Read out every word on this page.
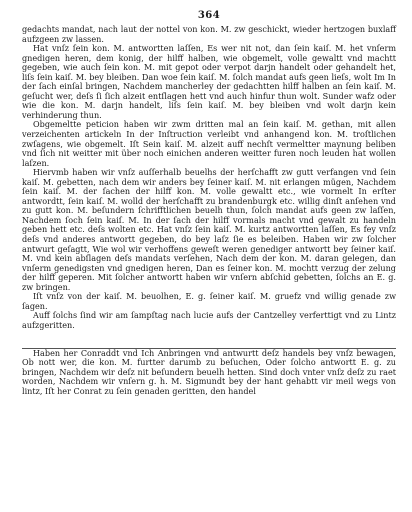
364

gedachts mandat, nach laut der nottel von kon. M. zw geschickt, wieder hertzogen buxlaff aufzgeen zw lassen.

Hat vnſz ſein kon. M. antwortten laſſen, Es wer nit not, dan ſein kaiſ. M. het vnſerm gnedigen heren, dem konig, der hilff halben, wie obgemelt, volle gewaltt vnd machtt gegeben, wie auch ſein kon. M. mit gepot oder verpot darjn handelt oder gehandelt het, liſs ſein kaiſ. M. bey bleiben. Dan woe ſein kaiſ. M. ſolch mandat aufs geen lieſs, wolt Im In der ſach einſal bringen, Nachdem mancherley der gedachtten hilff halben an ſein kaiſ. M. geſucht wer, deſs ſi ſich alzeit entſlagen hett vnd auch hinfur thun wolt. Sunder wafz oder wie die kon. M. darjn handelt, liſs ſein kaiſ. M. bey bleiben vnd wolt darjn kein verhinderung thun.

Obgemeltte peticion haben wir zwm dritten mal an ſein kaiſ. M. gethan, mit allen verzeichenten artickeln In der Inſtruction verleibt vnd anhangend kon. M. troſtlichen zwſagens, wie obgemelt. Iſt Sein kaiſ. M. alzeit auff nechſt vermeltter maynung beliben vnd ſich nit weitter mit über noch einichen anderen weitter furen noch leuden hat wollen laſzen.

Hiervmb haben wir vnſz auſſerhalb beuelhs der herſchafft zw gutt verfangen vnd ſein kaiſ. M. gebetten, nach dem wir anders bey ſeiner kaiſ. M. nit erlangen mügen, Nachdem ſein kaiſ. M. der ſachen der hilff kon. M. volle gewaltt etc., wie vormelt In erſter antwordtt, ſein kaiſ. M. wolld der herſchafft zu brandenburgk etc. willig dinſt anſehen vnd zu gutt kon. M. beſundern ſchrifftlichen beuelh thun, ſolch mandat aufs geen zw laſſen, Nachdem ſoch ſein kaiſ. M. In der ſach der hilff vormals macht vnd gewalt zu handeln geben hett etc. deſs wolten etc. Hat vnſz ſein kaiſ. M. kurtz antwortten laſſen, Es fey vnſz deſs vnd anderes antwortt gegeben, do bey laſz ſie es beleiben. Haben wir zw ſolcher antwurt geſagtt, Wie wol wir verhoffens geweſt weren genediger antwortt bey ſeiner kaiſ. M. vnd kein abſlagen deſs mandats verſehen, Nach dem der kon. M. daran gelegen, dan vnſerm genedigsten vnd gnedigen heren, Dan es ſeiner kon. M. mochtt verzug der zelung der hilff geperen. Mit ſolcher antwortt haben wir vnſern abſchid gebetten, ſolchs an E. g. zw bringen.

Iſt vnſz von der kaiſ. M. beuolhen, E. g. ſeiner kaiſ. M. gruefz vnd willig genade zw ſagen.

Auff ſolchs ſind wir am ſampſtag nach lucie aufs der Cantzelley verferttigt vnd zu Lintz aufzgeritten.

Haben her Conraddt vnd Ich Anbringen vnd antwurtt deſz handels bey vnſz bewagen, Ob nott wer, die kon. M. furtter darumb zu beſuchen, Oder ſolcho antwortt E. g. zu bringen, Nachdem wir deſz nit beſundern beuelh hetten. Sind doch vnter vnſz deſz zu raet worden, Nachdem wir vnſern g. h. M. Sigmundt bey der hant gehabtt vir meil wegs von lintz, Iſt her Conrat zu ſein genaden geritten, den handel
